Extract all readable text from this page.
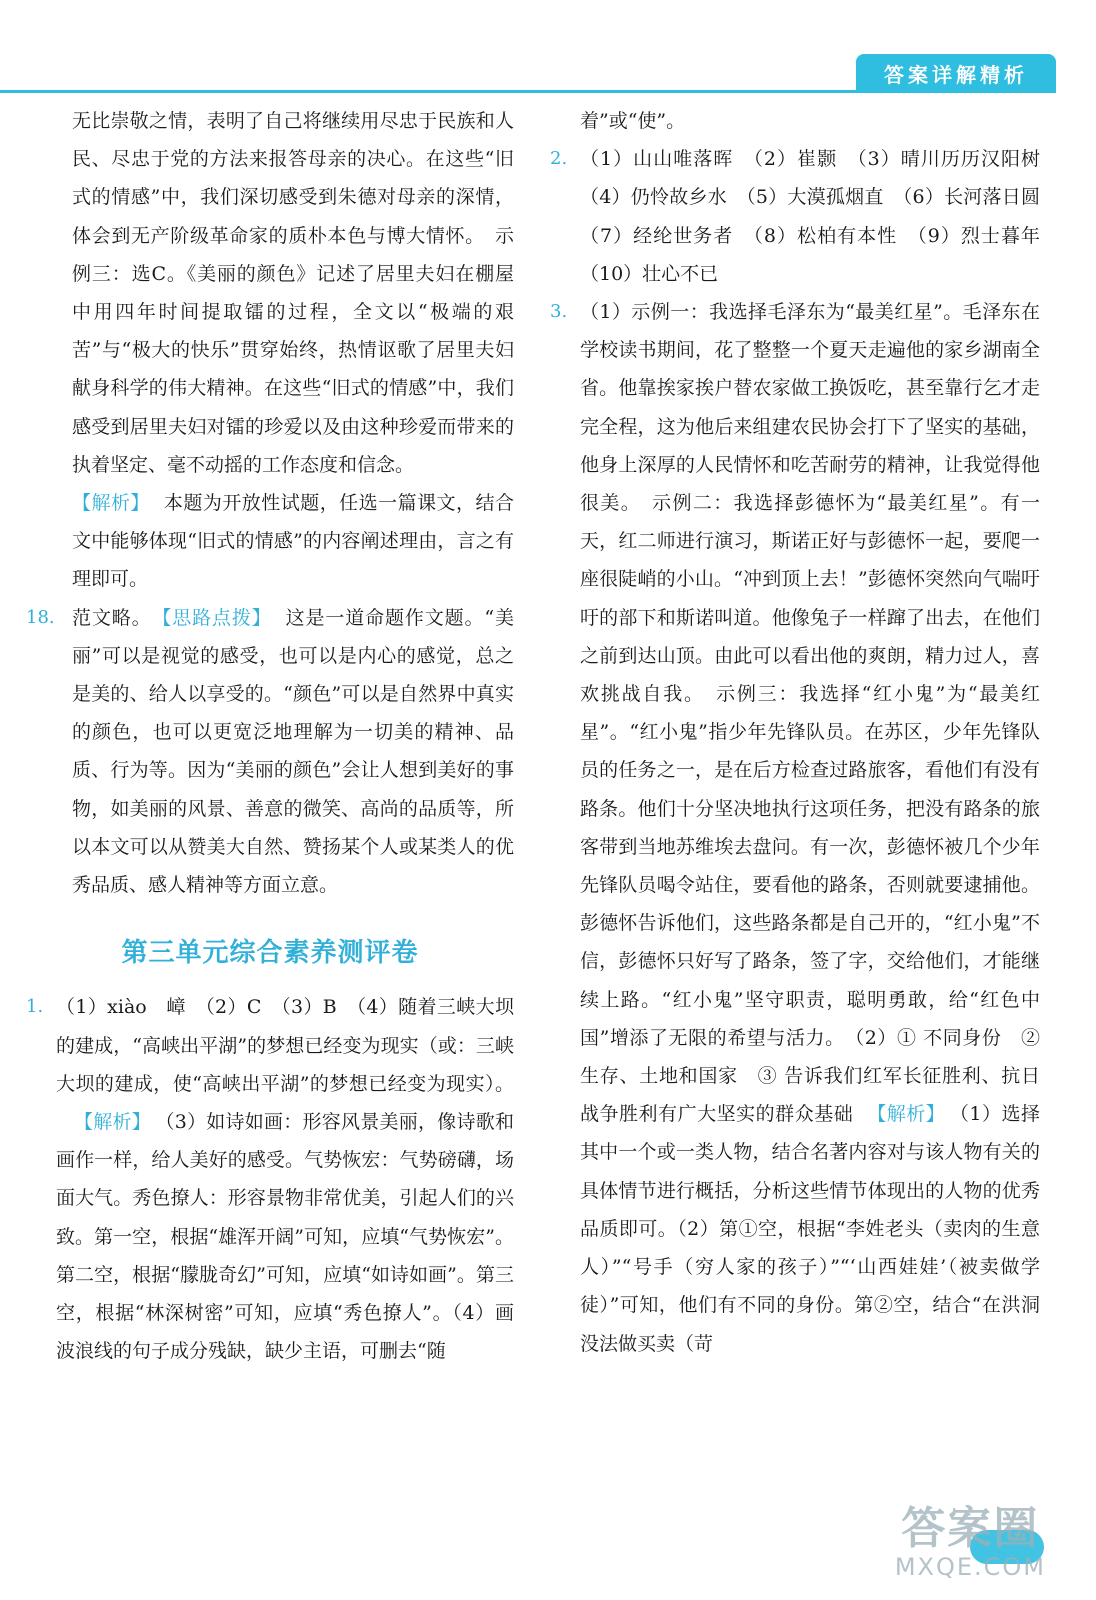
答案详解精析

无比崇敬之情，表明了自己将继续用尽忠于民族和人民、尽忠于党的方法来报答母亲的决心。在这些“旧式的情感”中，我们深切感受到朱德对母亲的深情，体会到无产阶级革命家的质朴本色与博大情怀。　示例三：选C。《美丽的颜色》记述了居里夫妇在棚屋中用四年时间提取镭的过程，全文以“极端的艰苦”与“极大的快乐”贯穿始终，热情讴歌了居里夫妇献身科学的伟大精神。在这些“旧式的情感”中，我们感受到居里夫妇对镭的珍爱以及由这种珍爱而带来的执着坚定、毫不动摇的工作态度和信念。

【解析】 本题为开放性试题，任选一篇课文，结合文中能够体现“旧式的情感”的内容阐述理由，言之有理即可。

18. 范文略。　 【思路点拨】 这是一道命题作文题。“美丽”可以是视觉的感受，也可以是内心的感觉，总之是美的、给人以享受的。“颜色”可以是自然界中真实的颜色，也可以更宽泛地理解为一切美的精神、品质、行为等。因为“美丽的颜色”会让人想到美好的事物，如美丽的风景、善意的微笑、高尚的品质等，所以本文可以从赞美大自然、赞扬某个人或某类人的优秀品质、感人精神等方面立意。

第三单元综合素养测评卷
1. （1）xiào　嶂　（2）C　（3）B　（4）随着三峡大坝的建成，“高峡出平湖”的梦想已经变为现实（或：三峡大坝的建成，使“高峡出平湖”的梦想已经变为现实）。【解析】 （3）如诗如画：形容风景美丽，像诗歌和画作一样，给人美好的感受。气势恢宏：气势磅礴，场面大气。秀色撩人：形容景物非常优美，引起人们的兴致。第一空，根据“雄浑开阔”可知，应填“气势恢宏”。第二空，根据“朦胧奇幻”可知，应填“如诗如画”。第三空，根据“林深树密”可知，应填“秀色撩人”。（4）画波浪线的句子成分残缺，缺少主语，可删去“随

着”或“使”。

2. （1）山山唯落晖　（2）崔颢　（3）晴川历历汉阳树　（4）仍怜故乡水　（5）大漠孤烟直　（6）长河落日圆　（7）经纶世务者　（8）松柏有本性　（9）烈士暮年　（10）壮心不已

3. （1）示例一：我选择毛泽东为“最美红星”。毛泽东在学校读书期间，花了整整一个夏天走遍他的家乡湖南全省。他靠挨家挨户替农家做工换饭吃，甚至靠行乞才走完全程，这为他后来组建农民协会打下了坚实的基础，他身上深厚的人民情怀和吃苦耐劳的精神，让我觉得他很美。　示例二：我选择彭德怀为“最美红星”。有一天，红二师进行演习，斯诺正好与彭德怀一起，要爬一座很陡峭的小山。“冲到顶上去！”彭德怀突然向气喘吁吁的部下和斯诺叫道。他像兔子一样蹿了出去，在他们之前到达山顶。由此可以看出他的爽朗，精力过人，喜欢挑战自我。　示例三：我选择“红小鬼”为“最美红星”。“红小鬼”指少年先锋队员。在苏区，少年先锋队员的任务之一，是在后方检查过路旅客，看他们有没有路条。他们十分坚决地执行这项任务，把没有路条的旅客带到当地苏维埃去盘问。有一次，彭德怀被几个少年先锋队员喝令站住，要看他的路条，否则就要逮捕他。彭德怀告诉他们，这些路条都是自己开的，“红小鬼”不信，彭德怀只好写了路条，签了字，交给他们，才能继续上路。“红小鬼”坚守职责，聪明勇敢，给“红色中国”增添了无限的希望与活力。　（2）① 不同身份　② 生存、土地和国家　③ 告诉我们红军长征胜利、抗日战争胜利有广大坚实的群众基础 【解析】 （1）选择其中一个或一类人物，结合名著内容对与该人物有关的具体情节进行概括，分析这些情节体现出的人物的优秀品质即可。（2）第①空，根据“李姓老头（卖肉的生意人）”“号手（穷人家的孩子）”“‘山西娃娃’（被卖做学徒）”可知，他们有不同的身份。第②空，结合“在洪洞没法做买卖（苛

答案圈
MXQE.COM
